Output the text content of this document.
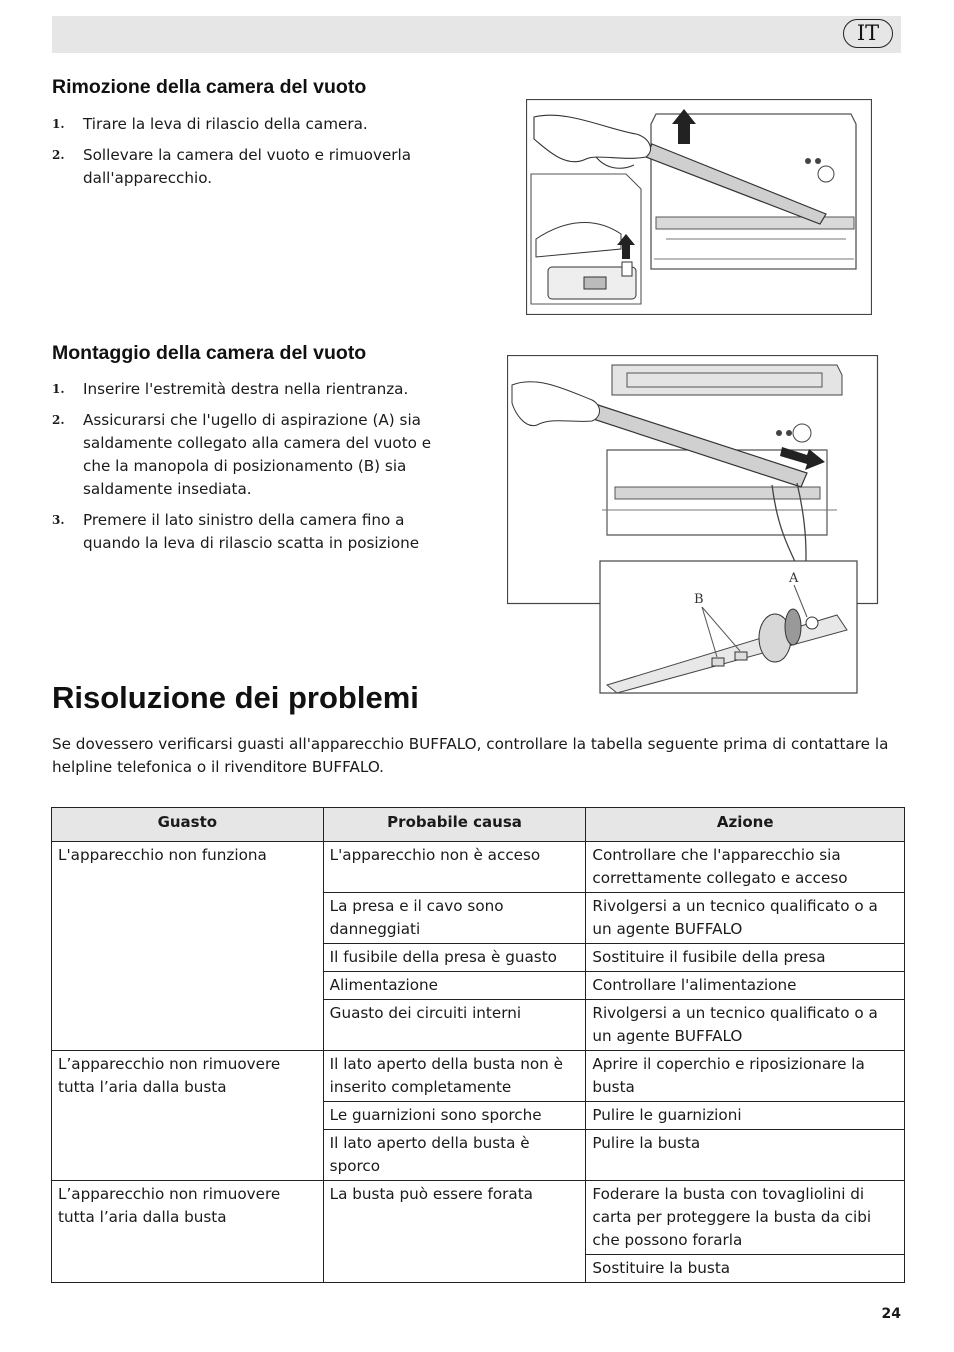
IT
Rimozione della camera del vuoto
1. Tirare la leva di rilascio della camera.
2. Sollevare la camera del vuoto e rimuoverla dall'apparecchio.
Montaggio della camera del vuoto
1. Inserire l'estremità destra nella rientranza.
2. Assicurarsi che l'ugello di aspirazione (A) sia saldamente collegato alla camera del vuoto e che la manopola di posizionamento (B) sia saldamente insediata.
3. Premere il lato sinistro della camera fino a quando la leva di rilascio scatta in posizione
B
A
Risoluzione dei problemi

Se dovessero verificarsi guasti all'apparecchio BUFFALO, controllare la tabella seguente prima di contattare la helpline telefonica o il rivenditore BUFFALO.

Guasto	Probabile causa	Azione
L'apparecchio non funziona	L'apparecchio non è acceso	Controllare che l'apparecchio sia correttamente collegato e acceso
	La presa e il cavo sono danneggiati	Rivolgersi a un tecnico qualificato o a un agente BUFFALO
	Il fusibile della presa è guasto	Sostituire il fusibile della presa
	Alimentazione	Controllare l'alimentazione
	Guasto dei circuiti interni	Rivolgersi a un tecnico qualificato o a un agente BUFFALO
L’apparecchio non rimuovere tutta l’aria dalla busta	Il lato aperto della busta non è inserito completamente	Aprire il coperchio e riposizionare la busta
	Le guarnizioni sono sporche	Pulire le guarnizioni
	Il lato aperto della busta è sporco	Pulire la busta
L’apparecchio non rimuovere tutta l’aria dalla busta	La busta può essere forata	Foderare la busta con tovagliolini di carta per proteggere la busta da cibi che possono forarla
		Sostituire la busta
24
